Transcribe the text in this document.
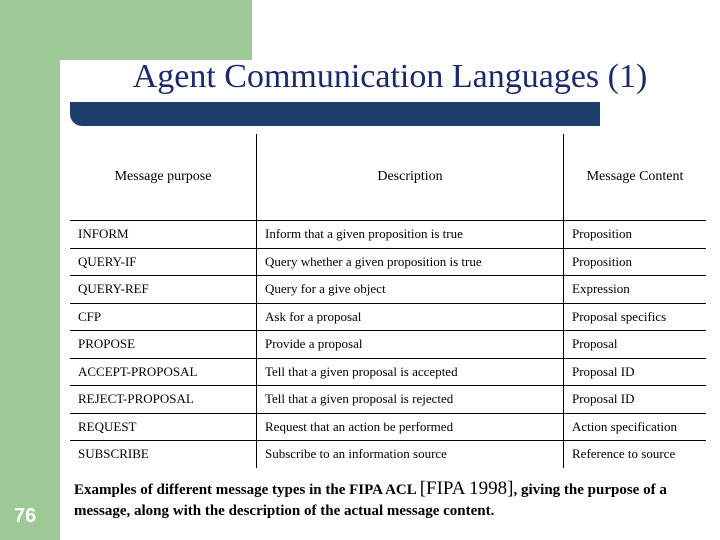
Agent Communication Languages (1)
Message purpose	Description	Message Content
INFORM	Inform that a given proposition is true	Proposition
QUERY-IF	Query whether a given proposition is true	Proposition
QUERY-REF	Query for a give object	Expression
CFP	Ask for a proposal	Proposal specifics
PROPOSE	Provide a proposal	Proposal
ACCEPT-PROPOSAL	Tell that a given proposal is accepted	Proposal ID
REJECT-PROPOSAL	Tell that a given proposal is rejected	Proposal ID
REQUEST	Request that an action be performed	Action specification
SUBSCRIBE	Subscribe to an information source	Reference to source
Examples of different message types in the FIPA ACL [FIPA 1998], giving the purpose of a message, along with the description of the actual message content.
76
